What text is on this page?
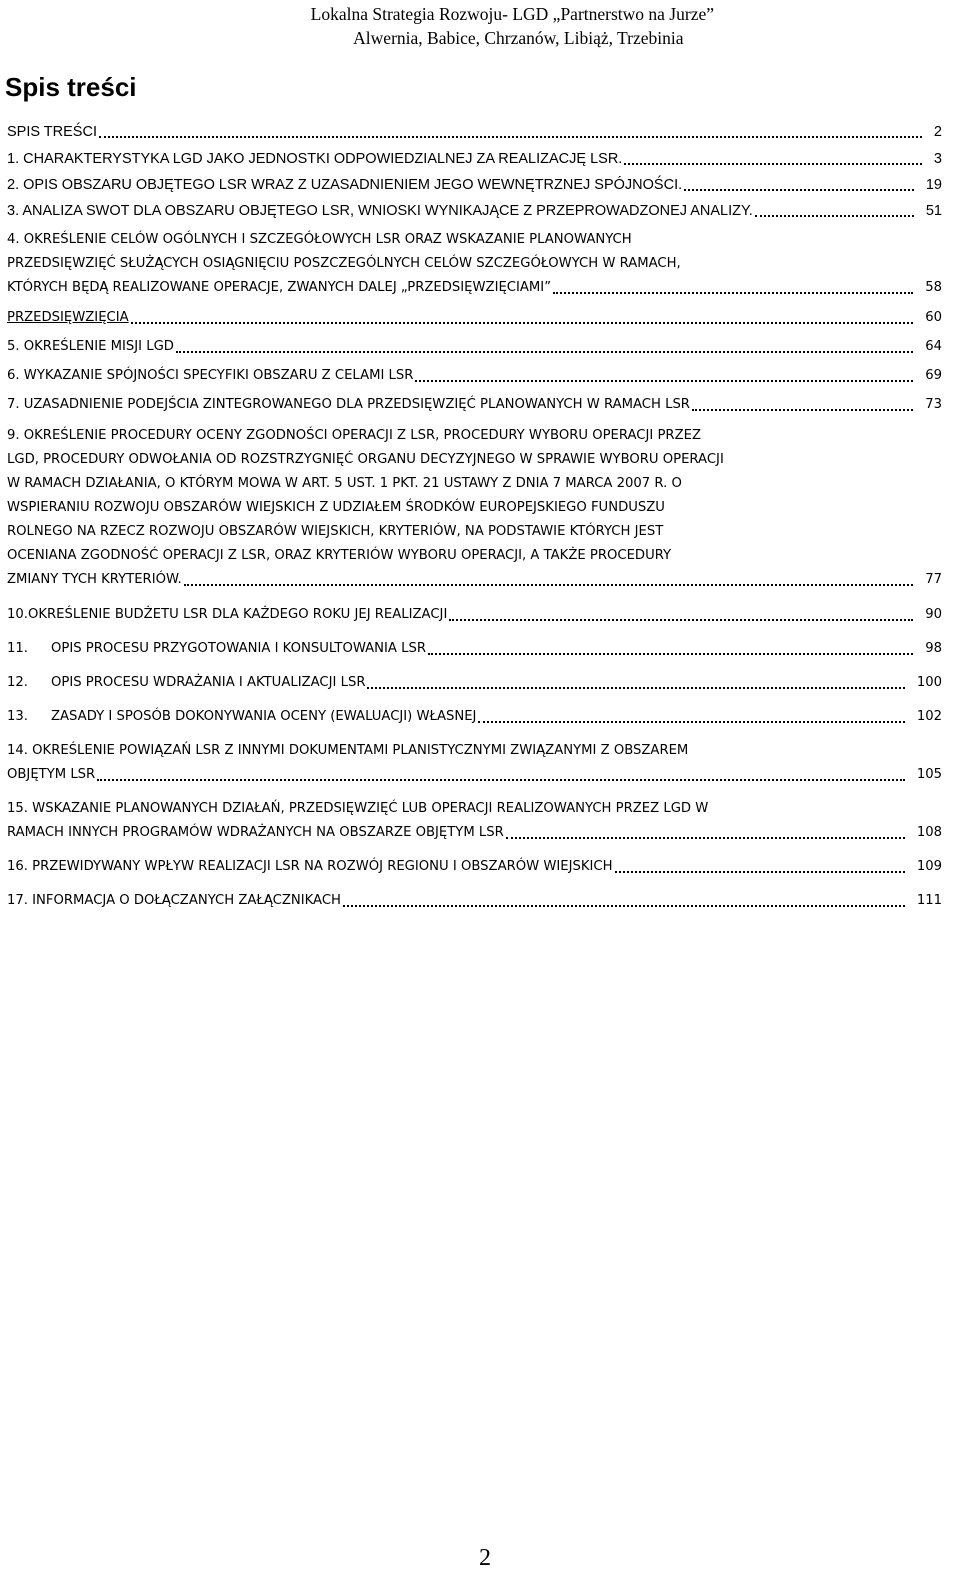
Lokalna Strategia Rozwoju- LGD „Partnerstwo na Jurze”
Alwernia, Babice, Chrzanów, Libiąż, Trzebinia
Spis treści
SPIS TREŚCI	2
1. CHARAKTERYSTYKA LGD JAKO JEDNOSTKI ODPOWIEDZIALNEJ ZA REALIZACJĘ LSR.	3
2. OPIS OBSZARU OBJĘTEGO LSR WRAZ Z UZASADNIENIEM JEGO WEWNĘTRZNEJ SPÓJNOŚCI.	19
3. ANALIZA SWOT DLA OBSZARU OBJĘTEGO LSR, WNIOSKI WYNIKAJĄCE Z PRZEPROWADZONEJ ANALIZY.	51
4. OKREŚLENIE CELÓW OGÓLNYCH I SZCZEGÓŁOWYCH LSR ORAZ WSKAZANIE PLANOWANYCH
PRZEDSIĘWZIĘĆ SŁUŻĄCYCH OSIĄGNIĘCIU POSZCZEGÓLNYCH CELÓW SZCZEGÓŁOWYCH W RAMACH,
KTÓRYCH BĘDĄ REALIZOWANE OPERACJE, ZWANYCH DALEJ „PRZEDSIĘWZIĘCIAMI”	58
PRZEDSIĘWZIĘCIA	60
5. OKREŚLENIE MISJI LGD	64
6. WYKAZANIE SPÓJNOŚCI SPECYFIKI OBSZARU Z CELAMI LSR	69
7. UZASADNIENIE PODEJŚCIA ZINTEGROWANEGO DLA PRZEDSIĘWZIĘĆ PLANOWANYCH W RAMACH LSR	73
9. OKREŚLENIE PROCEDURY OCENY ZGODNOŚCI OPERACJI Z LSR, PROCEDURY WYBORU OPERACJI PRZEZ
LGD, PROCEDURY ODWOŁANIA OD ROZSTRZYGNIĘĆ ORGANU DECYZYJNEGO W SPRAWIE WYBORU OPERACJI
W RAMACH DZIAŁANIA, O KTÓRYM MOWA W ART. 5 UST. 1 PKT. 21 USTAWY Z DNIA 7 MARCA 2007 R. O
WSPIERANIU ROZWOJU OBSZARÓW WIEJSKICH Z UDZIAŁEM ŚRODKÓW EUROPEJSKIEGO FUNDUSZU
ROLNEGO NA RZECZ ROZWOJU OBSZARÓW WIEJSKICH, KRYTERIÓW, NA PODSTAWIE KTÓRYCH JEST
OCENIANA ZGODNOŚĆ OPERACJI Z LSR, ORAZ KRYTERIÓW WYBORU OPERACJI, A TAKŻE PROCEDURY
ZMIANY TYCH KRYTERIÓW.	77
10.OKREŚLENIE BUDŻETU LSR DLA KAŻDEGO ROKU JEJ REALIZACJI	90
11. OPIS PROCESU PRZYGOTOWANIA I KONSULTOWANIA LSR	98
12. OPIS PROCESU WDRAŻANIA I AKTUALIZACJI LSR	100
13. ZASADY I SPOSÓB DOKONYWANIA OCENY (EWALUACJI) WŁASNEJ	102
14. OKREŚLENIE POWIĄZAŃ LSR Z INNYMI DOKUMENTAMI PLANISTYCZNYMI ZWIĄZANYMI Z OBSZAREM
OBJĘTYM LSR	105
15. WSKAZANIE PLANOWANYCH DZIAŁAŃ, PRZEDSIĘWZIĘĆ LUB OPERACJI REALIZOWANYCH PRZEZ LGD W
RAMACH INNYCH PROGRAMÓW WDRAŻANYCH NA OBSZARZE OBJĘTYM LSR	108
16. PRZEWIDYWANY WPŁYW REALIZACJI LSR NA ROZWÓJ REGIONU I OBSZARÓW WIEJSKICH	109
17. INFORMACJA O DOŁĄCZANYCH ZAŁĄCZNIKACH	111
2
